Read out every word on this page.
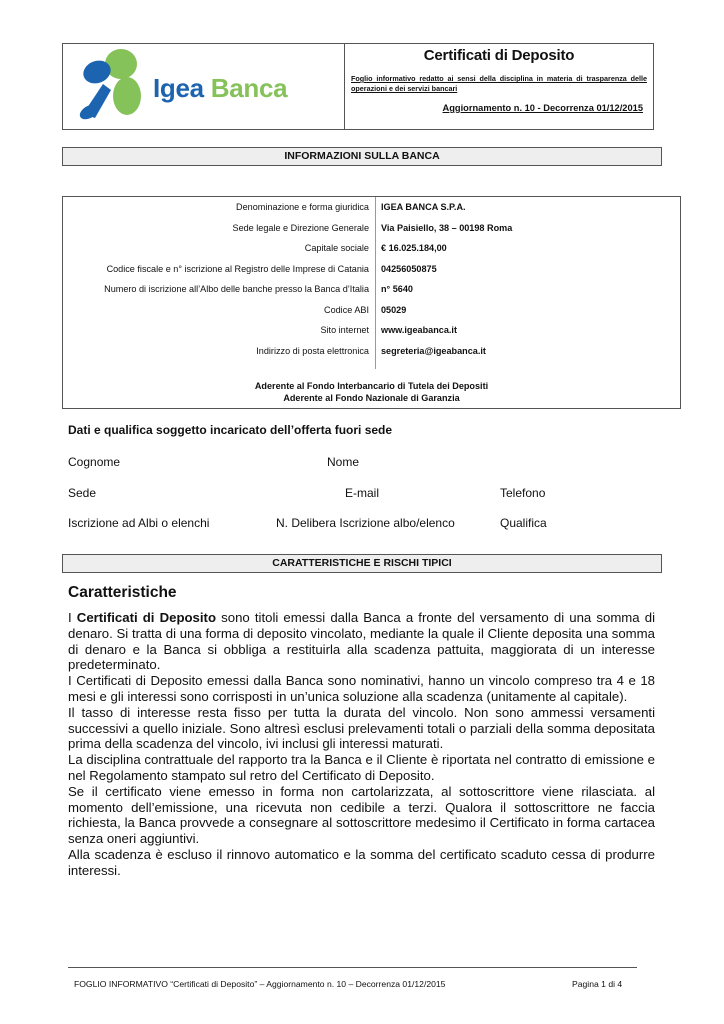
Igea Banca
Certificati di Deposito
Foglio informativo redatto ai sensi della disciplina in materia di trasparenza delle operazioni e dei servizi bancari
Aggiornamento n. 10 - Decorrenza 01/12/2015
INFORMAZIONI SULLA BANCA
Denominazione e forma giuridica	IGEA BANCA S.P.A.
Sede legale e Direzione Generale	Via Paisiello, 38 – 00198 Roma
Capitale sociale	€ 16.025.184,00
Codice fiscale e n° iscrizione al Registro delle Imprese di Catania	04256050875
Numero di iscrizione all’Albo delle banche presso la Banca d’Italia	n° 5640
Codice ABI	05029
Sito internet	www.igeabanca.it
Indirizzo di posta elettronica	segreteria@igeabanca.it
Aderente al Fondo Interbancario di Tutela dei Depositi
Aderente al Fondo Nazionale di Garanzia
Dati e qualifica soggetto incaricato dell’offerta fuori sede
Cognome	Nome
Sede	E-mail	Telefono
Iscrizione ad Albi o elenchi	N. Delibera Iscrizione albo/elenco	Qualifica
CARATTERISTICHE E RISCHI TIPICI
Caratteristiche

I Certificati di Deposito sono titoli emessi dalla Banca a fronte del versamento di una somma di denaro. Si tratta di una forma di deposito vincolato, mediante la quale il Cliente deposita una somma di denaro e la Banca si obbliga a restituirla alla scadenza pattuita, maggiorata di un interesse predeterminato.

I Certificati di Deposito emessi dalla Banca sono nominativi, hanno un vincolo compreso tra 4 e 18 mesi e gli interessi sono corrisposti in un’unica soluzione alla scadenza (unitamente al capitale).

Il tasso di interesse resta fisso per tutta la durata del vincolo. Non sono ammessi versamenti successivi a quello iniziale. Sono altresì esclusi prelevamenti totali o parziali della somma depositata prima della scadenza del vincolo, ivi inclusi gli interessi maturati.

La disciplina contrattuale del rapporto tra la Banca e il Cliente è riportata nel contratto di emissione e nel Regolamento stampato sul retro del Certificato di Deposito.

Se il certificato viene emesso in forma non cartolarizzata, al sottoscrittore viene rilasciata. al momento dell’emissione, una ricevuta non cedibile a terzi. Qualora il sottoscrittore ne faccia richiesta, la Banca provvede a consegnare al sottoscrittore medesimo il Certificato in forma cartacea senza oneri aggiuntivi.

Alla scadenza è escluso il rinnovo automatico e la somma del certificato scaduto cessa di produrre interessi.

FOGLIO INFORMATIVO “Certificati di Deposito” – Aggiornamento n. 10 – Decorrenza 01/12/2015	Pagina 1 di 4
